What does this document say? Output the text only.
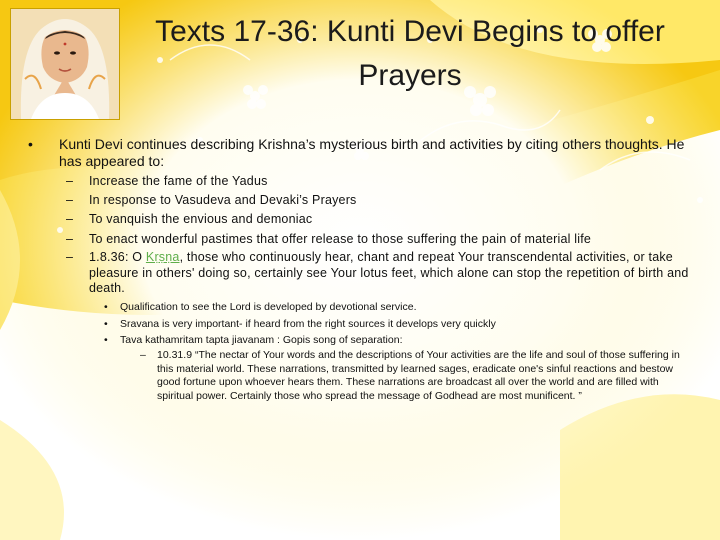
Texts 17-36: Kunti Devi Begins to offer Prayers
• Kunti Devi continues describing Krishna’s mysterious birth and activities by citing others thoughts. He has appeared to:
– Increase the fame of the Yadus
– In response to Vasudeva and Devaki’s Prayers
– To vanquish the envious and demoniac
– To enact wonderful pastimes that offer release to those suffering the pain of material life
– 1.8.36: O Kṛṣṇa, those who continuously hear, chant and repeat Your transcendental activities, or take pleasure in others' doing so, certainly see Your lotus feet, which alone can stop the repetition of birth and death.
• Qualification to see the Lord is developed by devotional service.
• Sravana is very important- if heard from the right sources it develops very quickly
• Tava kathamritam tapta jiavanam : Gopis song of separation:
– 10.31.9 “The nectar of Your words and the descriptions of Your activities are the life and soul of those suffering in this material world. These narrations, transmitted by learned sages, eradicate one's sinful reactions and bestow good fortune upon whoever hears them. These narrations are broadcast all over the world and are filled with spiritual power. Certainly those who spread the message of Godhead are most munificent. ”
